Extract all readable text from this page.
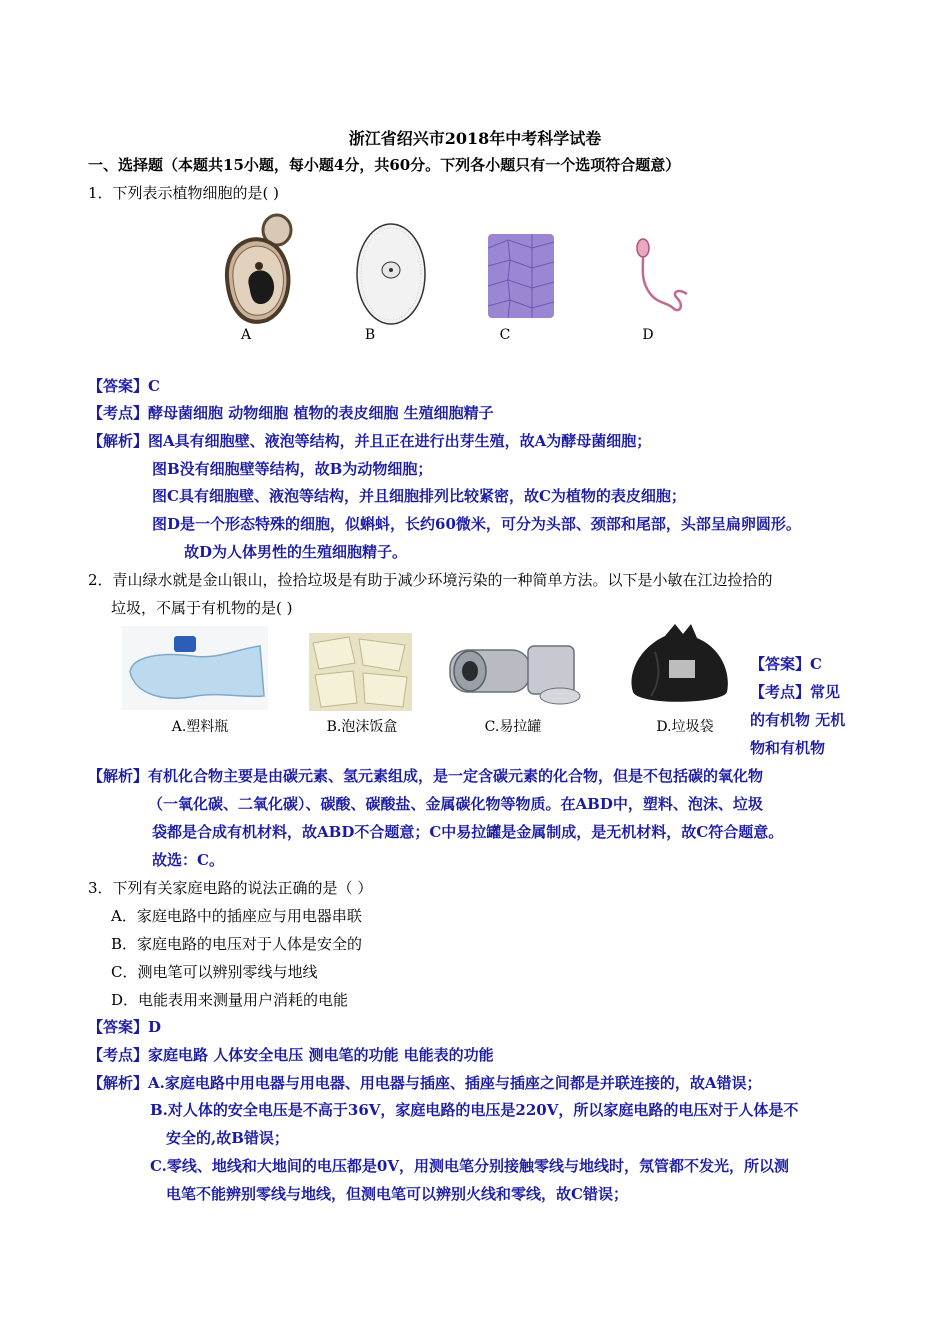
浙江省绍兴市2018年中考科学试卷
一、选择题（本题共15小题，每小题4分，共60分。下列各小题只有一个选项符合题意）
1．下列表示植物细胞的是( )
A	B	C	D
【答案】C
【考点】酵母菌细胞 动物细胞 植物的表皮细胞 生殖细胞精子
【解析】图A具有细胞壁、液泡等结构，并且正在进行出芽生殖，故A为酵母菌细胞；
图B没有细胞壁等结构，故B为动物细胞；
图C具有细胞壁、液泡等结构，并且细胞排列比较紧密，故C为植物的表皮细胞；
图D是一个形态特殊的细胞，似蝌蚪，长约60微米，可分为头部、颈部和尾部，头部呈扁卵圆形。
故D为人体男性的生殖细胞精子。
2．青山绿水就是金山银山，捡拾垃圾是有助于减少环境污染的一种简单方法。以下是小敏在江边捡拾的
垃圾，不属于有机物的是( )
A.塑料瓶	B.泡沫饭盒	C.易拉罐	D.垃圾袋
【答案】C
【考点】常见
的有机物 无机
物和有机物
【解析】有机化合物主要是由碳元素、氢元素组成，是一定含碳元素的化合物，但是不包括碳的氧化物
（一氧化碳、二氧化碳）、碳酸、碳酸盐、金属碳化物等物质。在ABD中，塑料、泡沫、垃圾
袋都是合成有机材料，故ABD不合题意；C中易拉罐是金属制成，是无机材料，故C符合题意。
故选：C。
3．下列有关家庭电路的说法正确的是（ ）
A．家庭电路中的插座应与用电器串联
B．家庭电路的电压对于人体是安全的
C．测电笔可以辨别零线与地线
D．电能表用来测量用户消耗的电能
【答案】D
【考点】家庭电路 人体安全电压 测电笔的功能 电能表的功能
【解析】A.家庭电路中用电器与用电器、用电器与插座、插座与插座之间都是并联连接的，故A错误；
B.对人体的安全电压是不高于36V，家庭电路的电压是220V，所以家庭电路的电压对于人体是不
安全的,故B错误；
C.零线、地线和大地间的电压都是0V，用测电笔分别接触零线与地线时，氖管都不发光，所以测
电笔不能辨别零线与地线，但测电笔可以辨别火线和零线，故C错误；
